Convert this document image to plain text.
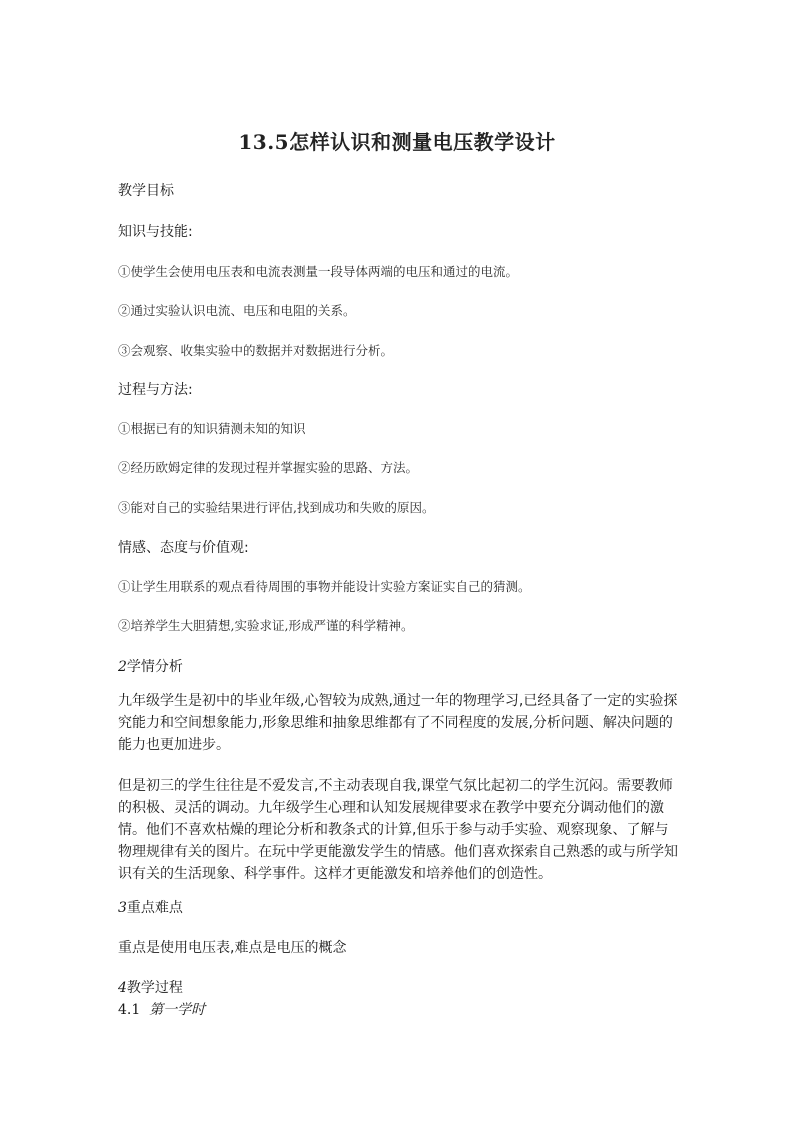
13.5怎样认识和测量电压教学设计
教学目标
知识与技能:
①使学生会使用电压表和电流表测量一段导体两端的电压和通过的电流。
②通过实验认识电流、电压和电阻的关系。
③会观察、收集实验中的数据并对数据进行分析。
过程与方法:
①根据已有的知识猜测未知的知识
②经历欧姆定律的发现过程并掌握实验的思路、方法。
③能对自己的实验结果进行评估,找到成功和失败的原因。
情感、态度与价值观:
①让学生用联系的观点看待周围的事物并能设计实验方案证实自己的猜测。
②培养学生大胆猜想,实验求证,形成严谨的科学精神。
2学情分析
九年级学生是初中的毕业年级,心智较为成熟,通过一年的物理学习,已经具备了一定的实验探究能力和空间想象能力,形象思维和抽象思维都有了不同程度的发展,分析问题、解决问题的能力也更加进步。
但是初三的学生往往是不爱发言,不主动表现自我,课堂气氛比起初二的学生沉闷。需要教师的积极、灵活的调动。九年级学生心理和认知发展规律要求在教学中要充分调动他们的激情。他们不喜欢枯燥的理论分析和教条式的计算,但乐于参与动手实验、观察现象、了解与物理规律有关的图片。在玩中学更能激发学生的情感。他们喜欢探索自己熟悉的或与所学知识有关的生活现象、科学事件。这样才更能激发和培养他们的创造性。
3重点难点
重点是使用电压表,难点是电压的概念
4教学过程
4.1 第一学时
